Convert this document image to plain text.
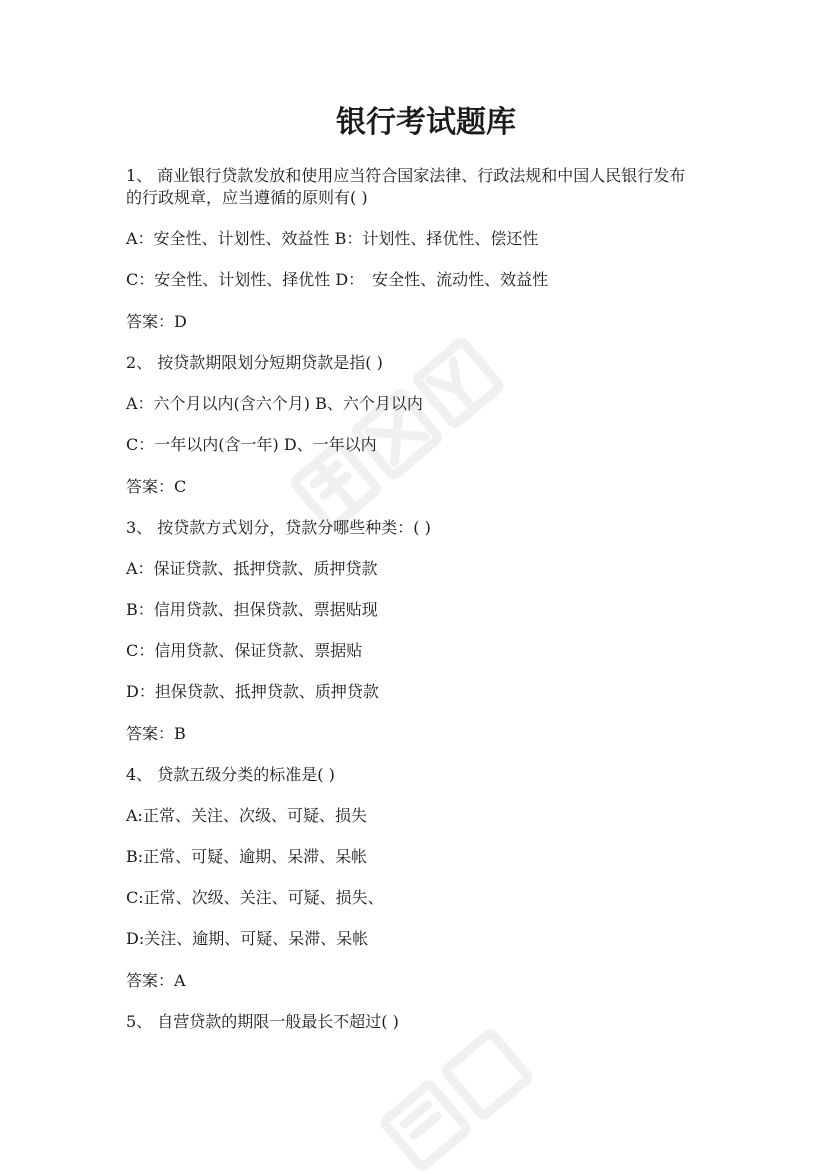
银行考试题库
1、 商业银行贷款发放和使用应当符合国家法律、行政法规和中国人民银行发布
的行政规章，应当遵循的原则有( )
A：安全性、计划性、效益性 B：计划性、择优性、偿还性
C：安全性、计划性、择优性 D：　安全性、流动性、效益性
答案：D
2、 按贷款期限划分短期贷款是指( )
A：六个月以内(含六个月) B、六个月以内
C：一年以内(含一年) D、一年以内
答案：C
3、 按贷款方式划分，贷款分哪些种类：( )
A：保证贷款、抵押贷款、质押贷款
B：信用贷款、担保贷款、票据贴现
C：信用贷款、保证贷款、票据贴
D：担保贷款、抵押贷款、质押贷款
答案：B
4、 贷款五级分类的标准是( )
A:正常、关注、次级、可疑、损失
B:正常、可疑、逾期、呆滞、呆帐
C:正常、次级、关注、可疑、损失、
D:关注、逾期、可疑、呆滞、呆帐
答案：A
5、 自营贷款的期限一般最长不超过( )
